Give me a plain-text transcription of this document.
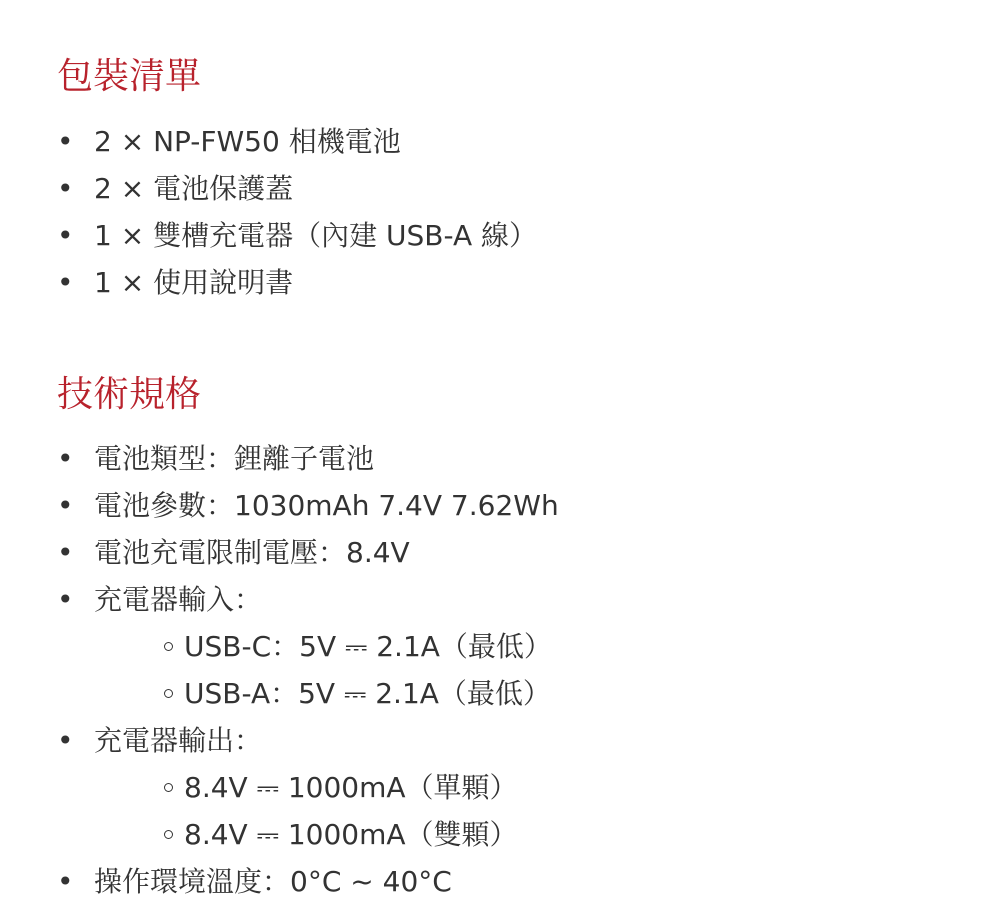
包裝清單
• 2 × NP-FW50 相機電池
• 2 × 電池保護蓋
• 1 × 雙槽充電器（內建 USB-A 線）
• 1 × 使用說明書
技術規格
• 電池類型：鋰離子電池
• 電池參數：1030mAh 7.4V 7.62Wh
• 電池充電限制電壓：8.4V
• 充電器輸入：
USB-C：5V ⎓ 2.1A（最低）
USB-A：5V ⎓ 2.1A（最低）
• 充電器輸出：
8.4V ⎓ 1000mA（單顆）
8.4V ⎓ 1000mA（雙顆）
• 操作環境溫度：0°C ~ 40°C
